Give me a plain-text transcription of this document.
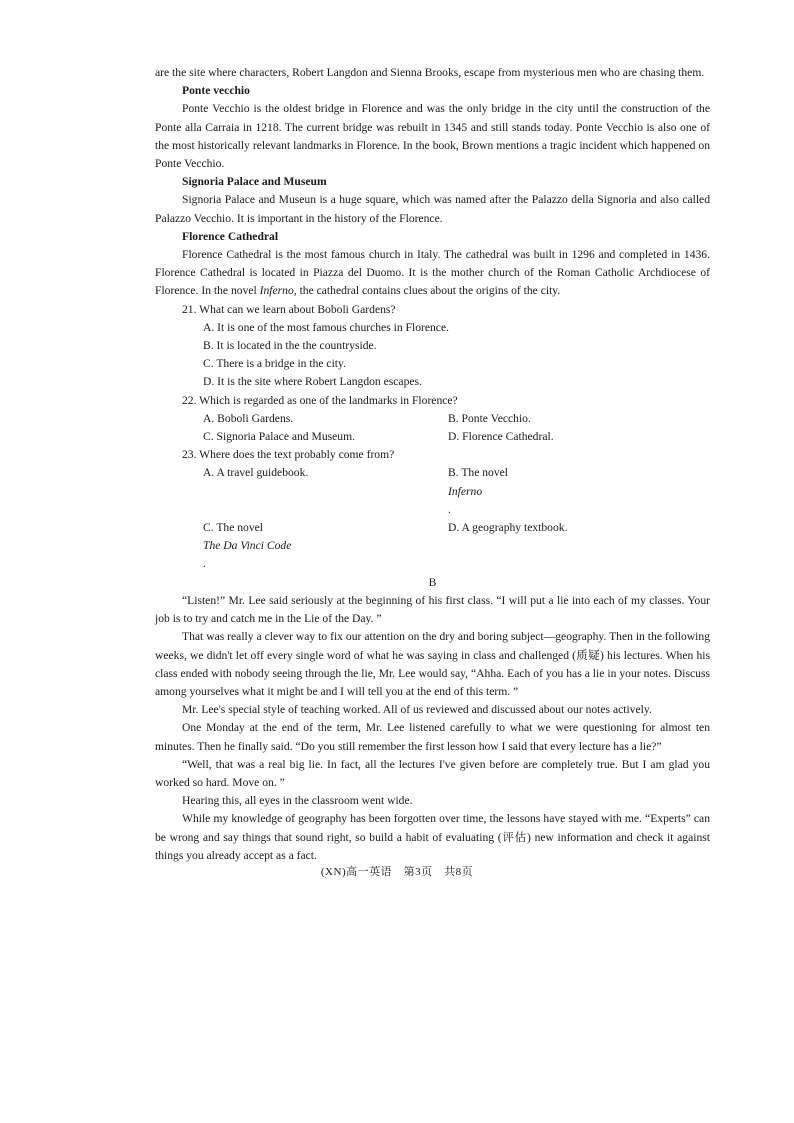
are the site where characters, Robert Langdon and Sienna Brooks, escape from mysterious men who are chasing them.

Ponte vecchio

Ponte Vecchio is the oldest bridge in Florence and was the only bridge in the city until the construction of the Ponte alla Carraia in 1218. The current bridge was rebuilt in 1345 and still stands today. Ponte Vecchio is also one of the most historically relevant landmarks in Florence. In the book, Brown mentions a tragic incident which happened on Ponte Vecchio.

Signoria Palace and Museum

Signoria Palace and Museun is a huge square, which was named after the Palazzo della Signoria and also called Palazzo Vecchio. It is important in the history of the Florence.

Florence Cathedral

Florence Cathedral is the most famous church in Italy. The cathedral was built in 1296 and completed in 1436. Florence Cathedral is located in Piazza del Duomo. It is the mother church of the Roman Catholic Archdiocese of Florence. In the novel Inferno, the cathedral contains clues about the origins of the city.

21. What can we learn about Boboli Gardens?

A. It is one of the most famous churches in Florence.

B. It is located in the the countryside.

C. There is a bridge in the city.

D. It is the site where Robert Langdon escapes.

22. Which is regarded as one of the landmarks in Florence?

A. Boboli Gardens.	B. Ponte Vecchio.
C. Signoria Palace and Museum.	D. Florence Cathedral.

23. Where does the text probably come from?

A. A travel guidebook.	B. The novel
Inferno
.
C. The novel
The Da Vinci Code
.
D. A geography textbook.

B

“Listen!” Mr. Lee said seriously at the beginning of his first class. “I will put a lie into each of my classes. Your job is to try and catch me in the Lie of the Day. ”

That was really a clever way to fix our attention on the dry and boring subject—geography. Then in the following weeks, we didn't let off every single word of what he was saying in class and challenged (质疑) his lectures. When his class ended with nobody seeing through the lie, Mr. Lee would say, “Ahha. Each of you has a lie in your notes. Discuss among yourselves what it might be and I will tell you at the end of this term. ”

Mr. Lee's special style of teaching worked. All of us reviewed and discussed about our notes actively.

One Monday at the end of the term, Mr. Lee listened carefully to what we were questioning for almost ten minutes. Then he finally said. “Do you still remember the first lesson how I said that every lecture has a lie?”

“Well, that was a real big lie. In fact, all the lectures I've given before are completely true. But I am glad you worked so hard. Move on. ”

Hearing this, all eyes in the classroom went wide.

While my knowledge of geography has been forgotten over time, the lessons have stayed with me. “Experts” can be wrong and say things that sound right, so build a habit of evaluating (评估) new information and check it against things you already accept as a fact.

(XN)高一英语　第3页　共8页
